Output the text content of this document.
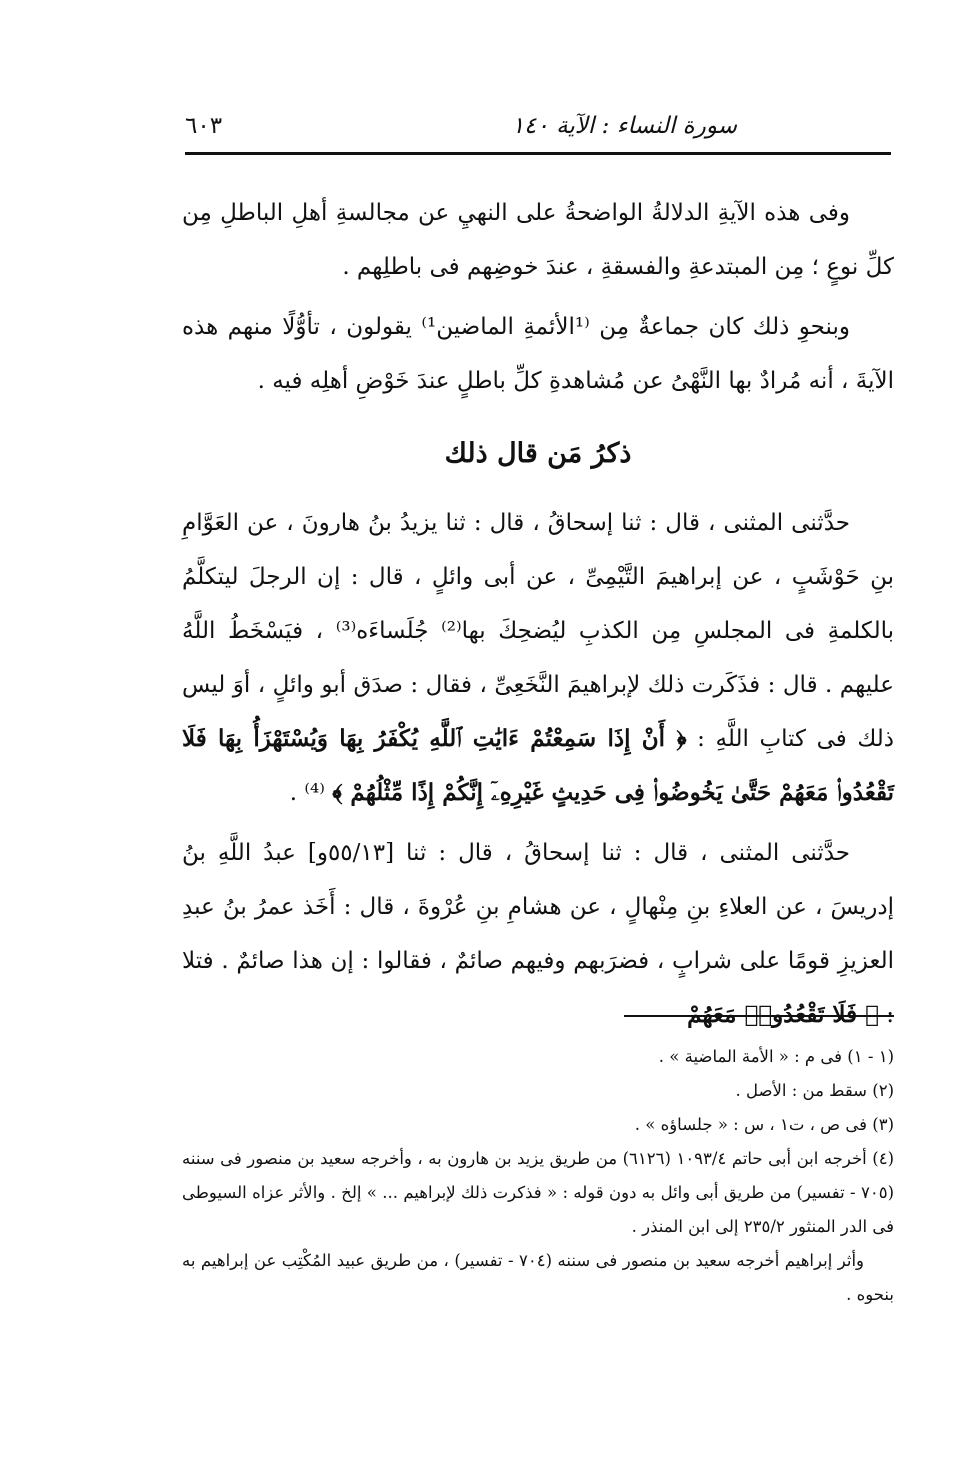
سورة النساء : الآية ١٤٠
٦٠٣

وفى هذه الآيةِ الدلالةُ الواضحةُ على النهيِ عن مجالسةِ أهلِ الباطلِ مِن كلِّ نوعٍ ؛ مِن المبتدعةِ والفسقةِ ، عندَ خوضِهم فى باطلِهم .

وبنحوِ ذلك كان جماعةٌ مِن ⁽¹الأئمةِ الماضين¹⁾ يقولون ، تأوُّلًا منهم هذه الآيةَ ، أنه مُرادٌ بها النَّهْىُ عن مُشاهدةِ كلِّ باطلٍ عندَ خَوْضِ أهلِه فيه .

ذكرُ مَن قال ذلك

حدَّثنى المثنى ، قال : ثنا إسحاقُ ، قال : ثنا يزيدُ بنُ هارونَ ، عن العَوَّامِ بنِ حَوْشَبٍ ، عن إبراهيمَ التَّيْمِىِّ ، عن أبى وائلٍ ، قال : إن الرجلَ ليتكلَّمُ بالكلمةِ فى المجلسِ مِن الكذبِ ليُضحِكَ بها⁽²⁾ جُلَساءَه⁽³⁾ ، فيَسْخَطُ اللَّهُ عليهم . قال : فذَكَرت ذلك لإبراهيمَ النَّخَعِىِّ ، فقال : صدَق أبو وائلٍ ، أوَ ليس ذلك فى كتابِ اللَّهِ : ﴿ أَنْ إِذَا سَمِعْتُمْ ءَايَٰتِ ٱللَّهِ يُكْفَرُ بِهَا وَيُسْتَهْزَأُ بِهَا فَلَا تَقْعُدُوا۟ مَعَهُمْ حَتَّىٰ يَخُوضُوا۟ فِى حَدِيثٍ غَيْرِهِۦٓ إِنَّكُمْ إِذًا مِّثْلُهُمْ ﴾ ⁽⁴⁾ .

حدَّثنى المثنى ، قال : ثنا إسحاقُ ، قال : ثنا [٥٥/١٣و] عبدُ اللَّهِ بنُ إدريسَ ، عن العلاءِ بنِ مِنْهالٍ ، عن هشامِ بنِ عُرْوةَ ، قال : أَخَذ عمرُ بنُ عبدِ العزيزِ قومًا على شرابٍ ، فضرَبهم وفيهم صائمٌ ، فقالوا : إن هذا صائمٌ . فتلا : ﴿ فَلَا تَقْعُدُوا۟ مَعَهُمْ

(١ - ١) فى م : « الأمة الماضية » .

(٢) سقط من : الأصل .

(٣) فى ص ، ت١ ، س : « جلساؤه » .

(٤) أخرجه ابن أبى حاتم ١٠٩٣/٤ (٦١٢٦) من طريق يزيد بن هارون به ، وأخرجه سعيد بن منصور فى سننه (٧٠٥ - تفسير) من طريق أبى وائل به دون قوله : « فذكرت ذلك لإبراهيم ... » إلخ . والأثر عزاه السيوطى فى الدر المنثور ٢٣٥/٢ إلى ابن المنذر .

وأثر إبراهيم أخرجه سعيد بن منصور فى سننه (٧٠٤ - تفسير) ، من طريق عبيد المُكْتِب عن إبراهيم به بنحوه .
